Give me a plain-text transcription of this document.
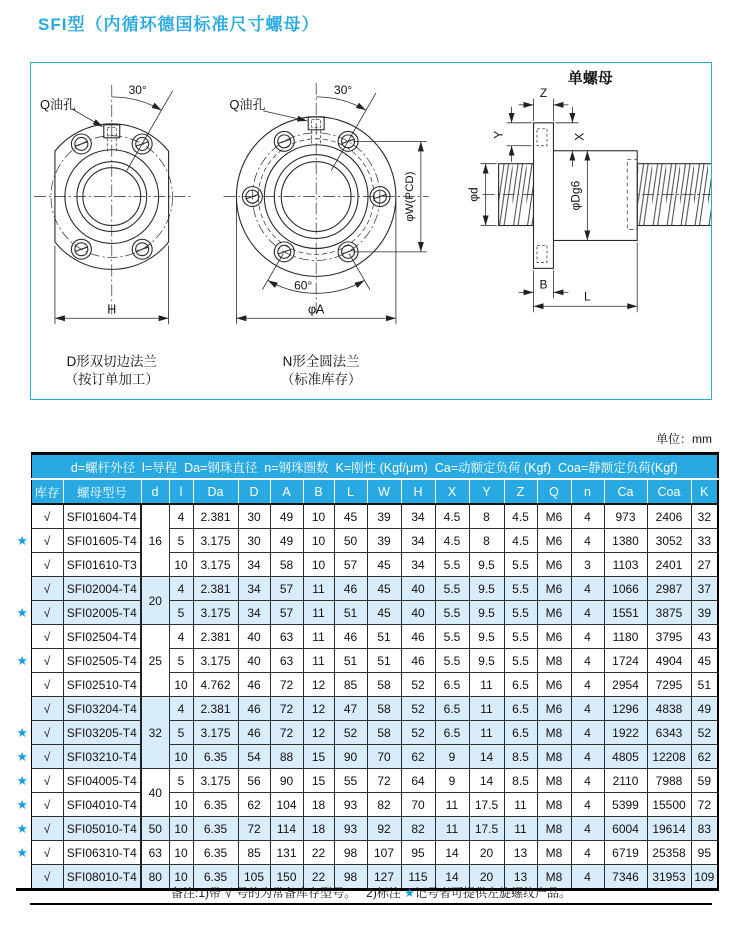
SFI型（内循环德国标准尺寸螺母）
Q油孔
30°
H
D形双切边法兰
（按订单加工）
Q油孔
30°
60°
φA
φW(PCD)
N形全圆法兰
（标准库存）
单螺母
Z
Y	X
φd	φDg6
B
L
单位：mm
	d=螺杆外径  l=导程  Da=钢珠直径  n=钢珠圈数  K=刚性 (Kgf/μm)  Ca=动额定负荷 (Kgf)  Coa=静额定负荷(Kgf)																		
	库存	螺母型号	d	l	Da	D	A	B	L	W	H	X	Y	Z	Q	n	Ca	Coa	K
	√	SFI01604-T4	16	4	2.381	30	49	10	45	39	34	4.5	8	4.5	M6	4	973	2406	32
★	√	SFI01605-T4		5	3.175	30	49	10	50	39	34	4.5	8	4.5	M6	4	1380	3052	33
	√	SFI01610-T3		10	3.175	34	58	10	57	45	34	5.5	9.5	5.5	M6	3	1103	2401	27
	√	SFI02004-T4	20	4	2.381	34	57	11	46	45	40	5.5	9.5	5.5	M6	4	1066	2987	37
★	√	SFI02005-T4		5	3.175	34	57	11	51	45	40	5.5	9.5	5.5	M6	4	1551	3875	39
	√	SFI02504-T4	25	4	2.381	40	63	11	46	51	46	5.5	9.5	5.5	M6	4	1180	3795	43
★	√	SFI02505-T4		5	3.175	40	63	11	51	51	46	5.5	9.5	5.5	M8	4	1724	4904	45
	√	SFI02510-T4		10	4.762	46	72	12	85	58	52	6.5	11	6.5	M6	4	2954	7295	51
	√	SFI03204-T4	32	4	2.381	46	72	12	47	58	52	6.5	11	6.5	M6	4	1296	4838	49
★	√	SFI03205-T4		5	3.175	46	72	12	52	58	52	6.5	11	6.5	M8	4	1922	6343	52
★	√	SFI03210-T4		10	6.35	54	88	15	90	70	62	9	14	8.5	M8	4	4805	12208	62
★	√	SFI04005-T4	40	5	3.175	56	90	15	55	72	64	9	14	8.5	M8	4	2110	7988	59
★	√	SFI04010-T4		10	6.35	62	104	18	93	82	70	11	17.5	11	M8	4	5399	15500	72
★	√	SFI05010-T4	50	10	6.35	72	114	18	93	92	82	11	17.5	11	M8	4	6004	19614	83
★	√	SFI06310-T4	63	10	6.35	85	131	22	98	107	95	14	20	13	M8	4	6719	25358	95
	√	SFI08010-T4	80	10	6.35	105	150	22	98	127	115	14	20	13	M8	4	7346	31953	109
备注:1)带"√"号的为常备库存型号。   2)标注 ★记号者可提供左旋螺纹产品。
